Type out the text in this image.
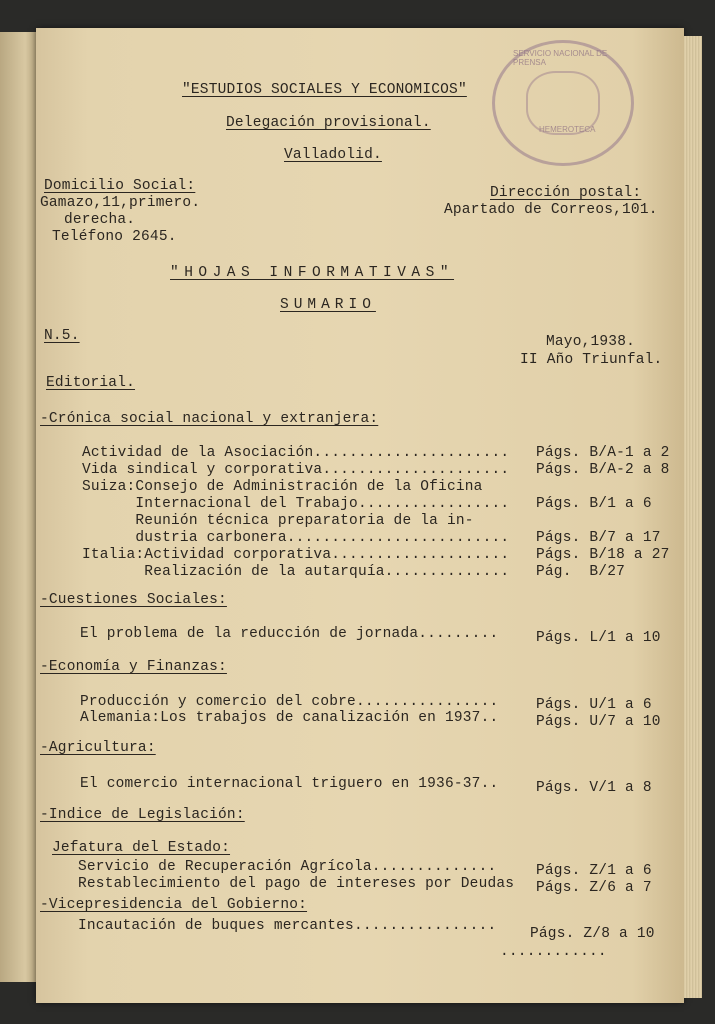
SERVICIO NACIONAL DE PRENSA
HEMEROTECA
"ESTUDIOS SOCIALES Y ECONOMICOS"
Delegación provisional.
Valladolid.
Domicilio Social:
Gamazo,11,primero.
derecha.
Teléfono 2645.
Dirección postal:
Apartado de Correos,101.
"HOJAS INFORMATIVAS"
SUMARIO
N.5.	Mayo,1938.
II Año Triunfal.
Editorial.
-Crónica social nacional y extranjera:
Actividad de la Asociación...................... Págs. B/A-1 a 2
Vida sindical y corporativa..................... Págs. B/A-2 a 8
Suiza:Consejo de Administración de la Oficina
Internacional del Trabajo................. Págs. B/1 a 6
Reunión técnica preparatoria de la in-
dustria carbonera......................... Págs. B/7 a 17
Italia:Actividad corporativa.................... Págs. B/18 a 27
Realización de la autarquía.............. Pág.  B/27
-Cuestiones Sociales:
El problema de la reducción de jornada.........	Págs. L/1 a 10
-Economía y Finanzas:
Producción y comercio del cobre................	Págs. U/1 a 6
Alemania:Los trabajos de canalización en 1937..	Págs. U/7 a 10
-Agricultura:
El comercio internacional triguero en 1936-37..	Págs. V/1 a 8
-Indice de Legislación:
Jefatura del Estado:
Servicio de Recuperación Agrícola..............	Págs. Z/1 a 6
Restablecimiento del pago de intereses por Deudas Págs. Z/6 a 7
-Vicepresidencia del Gobierno:
Incautación de buques mercantes................ Págs. Z/8 a 10
............
